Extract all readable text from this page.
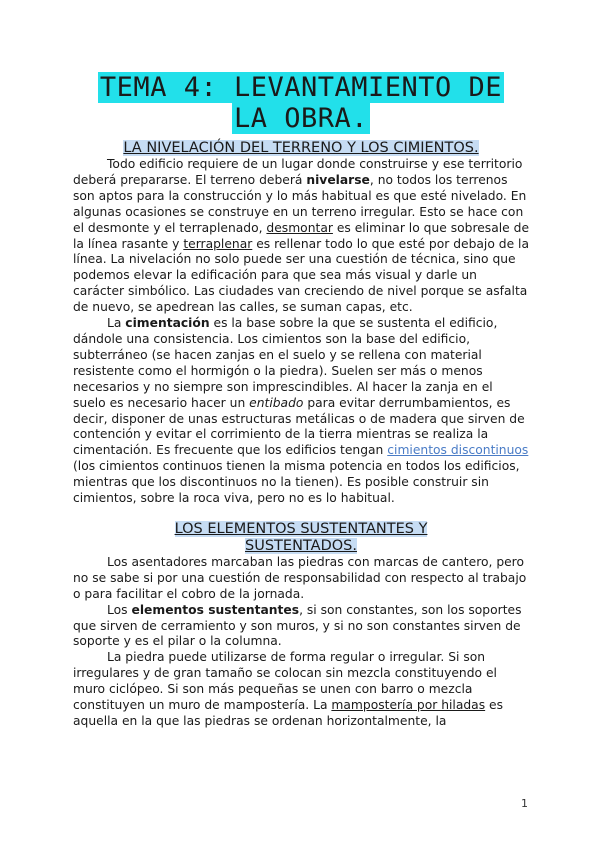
TEMA 4: LEVANTAMIENTO DE
LA OBRA.
LA NIVELACIÓN DEL TERRENO Y LOS CIMIENTOS.

Todo edificio requiere de un lugar donde construirse y ese territorio deberá prepararse. El terreno deberá nivelarse, no todos los terrenos son aptos para la construcción y lo más habitual es que esté nivelado. En algunas ocasiones se construye en un terreno irregular. Esto se hace con el desmonte y el terraplenado, desmontar es eliminar lo que sobresale de la línea rasante y terraplenar es rellenar todo lo que esté por debajo de la línea. La nivelación no solo puede ser una cuestión de técnica, sino que podemos elevar la edificación para que sea más visual y darle un carácter simbólico. Las ciudades van creciendo de nivel porque se asfalta de nuevo, se apedrean las calles, se suman capas, etc.

La cimentación es la base sobre la que se sustenta el edificio, dándole una consistencia. Los cimientos son la base del edificio, subterráneo (se hacen zanjas en el suelo y se rellena con material resistente como el hormigón o la piedra). Suelen ser más o menos necesarios y no siempre son imprescindibles. Al hacer la zanja en el suelo es necesario hacer un entibado para evitar derrumbamientos, es decir, disponer de unas estructuras metálicas o de madera que sirven de contención y evitar el corrimiento de la tierra mientras se realiza la cimentación. Es frecuente que los edificios tengan cimientos discontinuos (los cimientos continuos tienen la misma potencia en todos los edificios, mientras que los discontinuos no la tienen). Es posible construir sin cimientos, sobre la roca viva, pero no es lo habitual.

LOS ELEMENTOS SUSTENTANTES Y
SUSTENTADOS.

Los asentadores marcaban las piedras con marcas de cantero, pero no se sabe si por una cuestión de responsabilidad con respecto al trabajo o para facilitar el cobro de la jornada.

Los elementos sustentantes, si son constantes, son los soportes que sirven de cerramiento y son muros, y si no son constantes sirven de soporte y es el pilar o la columna.

La piedra puede utilizarse de forma regular o irregular. Si son irregulares y de gran tamaño se colocan sin mezcla constituyendo el muro ciclópeo. Si son más pequeñas se unen con barro o mezcla constituyen un muro de mampostería. La mampostería por hiladas es aquella en la que las piedras se ordenan horizontalmente, la

1
